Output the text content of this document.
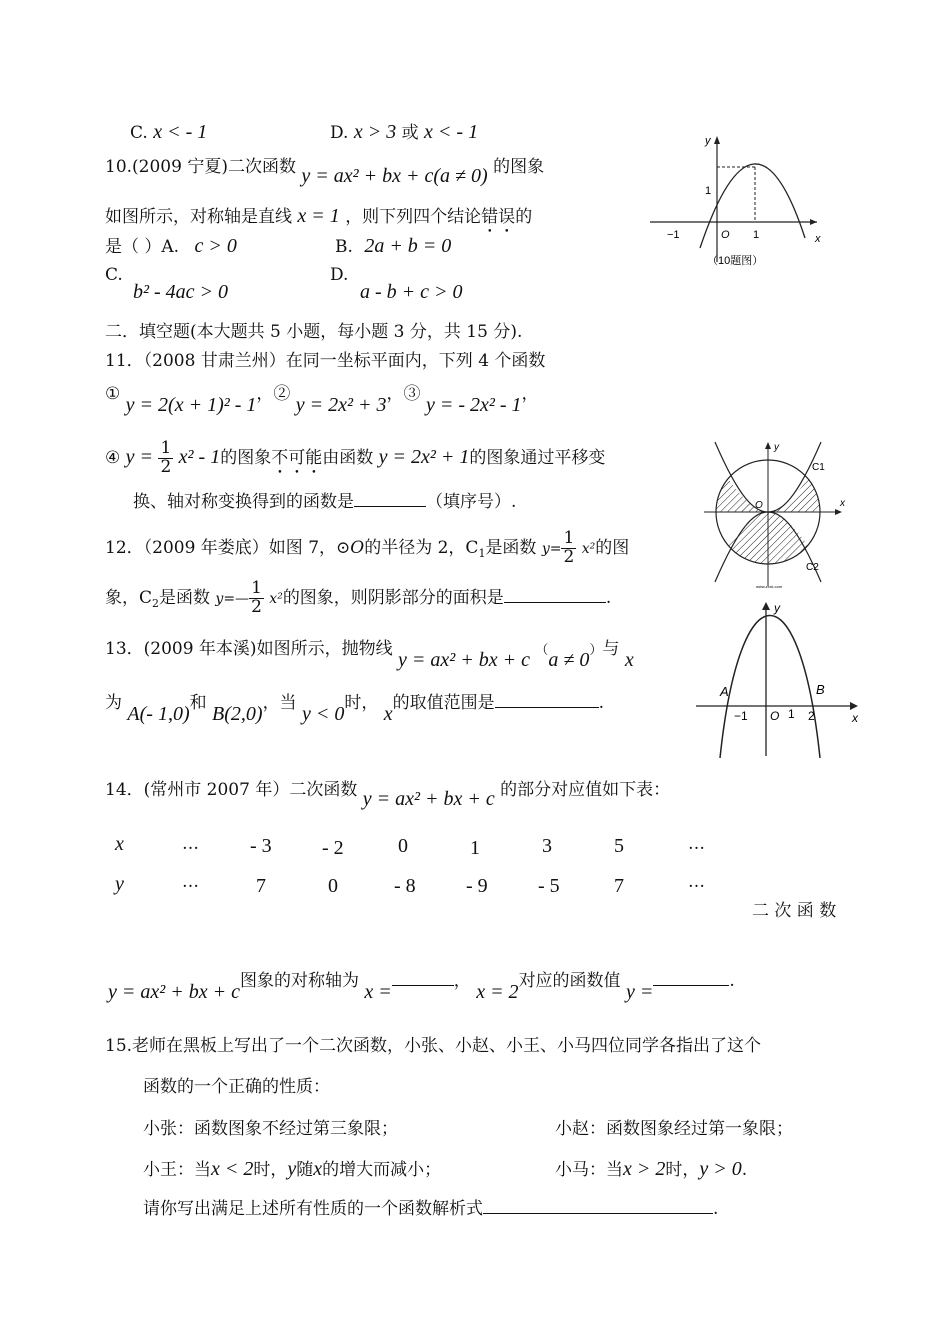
C. x < - 1	D. x > 3 或 x < - 1
10.(2009 宁夏)二次函数 y = ax² + bx + c(a ≠ 0) 的图象
如图所示，对称轴是直线 x = 1 ，则下列四个结论错误的
是（ ）A. c > 0	B. 2a + b = 0
C.
b² - 4ac > 0
D.
a - b + c > 0
y
x
1
−1	O 1
（10题图）
二．填空题(本大题共 5 小题，每小题 3 分，共 15 分).
11．（2008 甘肃兰州）在同一坐标平面内，下列 4 个函数
① y = 2(x + 1)² - 1，② y = 2x² + 3，③ y = - 2x² - 1，
④ $y = \frac{1}{2} x^2 - 1$的图象不可能由函数 y = 2x² + 1的图象通过平移变
换、轴对称变换得到的函数是	（填序号）.
12．（2009 年娄底）如图 7，⊙O的半径为 2，$C_1$是函数 $y= \frac{1}{2} x^2$的图
象，$C_2$是函数 y=— $\frac{1}{2} x^2$的图象，则阴影部分的面积是	.
y
x
C1
C2
O
www.zxxk.com
13．(2009 年本溪)如图所示，抛物线 y = ax² + bx + c （a ≠ 0）与 x
为 A(- 1,0)和 B(2,0)，当 y < 0时， x的取值范围是	.
y
x
A	B
−1 O 1 2
14．(常州市 2007 年）二次函数 y = ax² + bx + c 的部分对应值如下表：
x	…	- 3	- 2	0	1	3	5	…
y	…	7	0	- 8	- 9	- 5	7	…
二 次 函 数
y = ax² + bx + c图象的对称轴为 x =	， x = 2对应的函数值 y =	.
15.老师在黑板上写出了一个二次函数，小张、小赵、小王、小马四位同学各指出了这个
函数的一个正确的性质：
小张：函数图象不经过第三象限；	小赵：函数图象经过第一象限；
小王：当x < 2时，y随x的增大而减小；	小马：当x > 2时，y > 0.
请你写出满足上述所有性质的一个函数解析式	.
